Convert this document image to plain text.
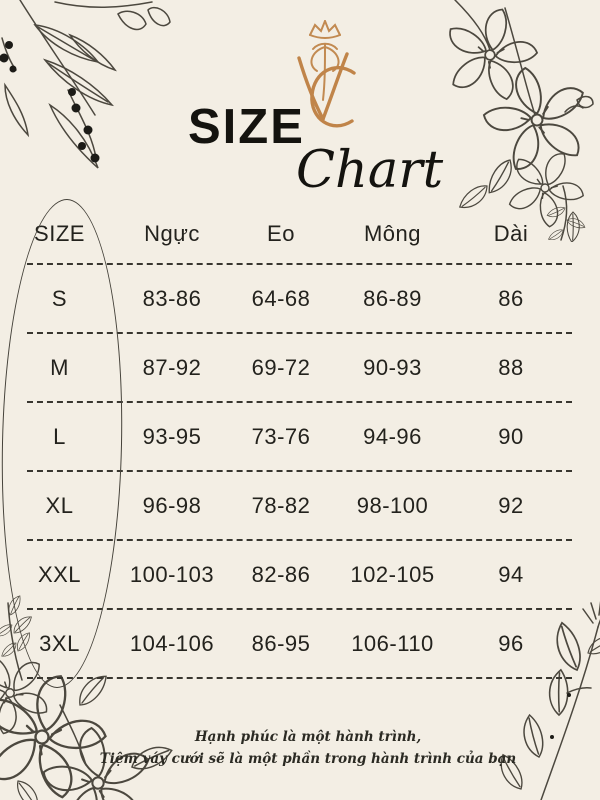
SIZE
Chart
SIZE	Ngực	Eo	Mông	Dài
S	83-86	64-68	86-89	86
M	87-92	69-72	90-93	88
L	93-95	73-76	94-96	90
XL	96-98	78-82	98-100	92
XXL	100-103	82-86	102-105	94
3XL	104-106	86-95	106-110	96
Hạnh phúc là một hành trình,
Tiệm váy cưới sẽ là một phần trong hành trình của bạn
